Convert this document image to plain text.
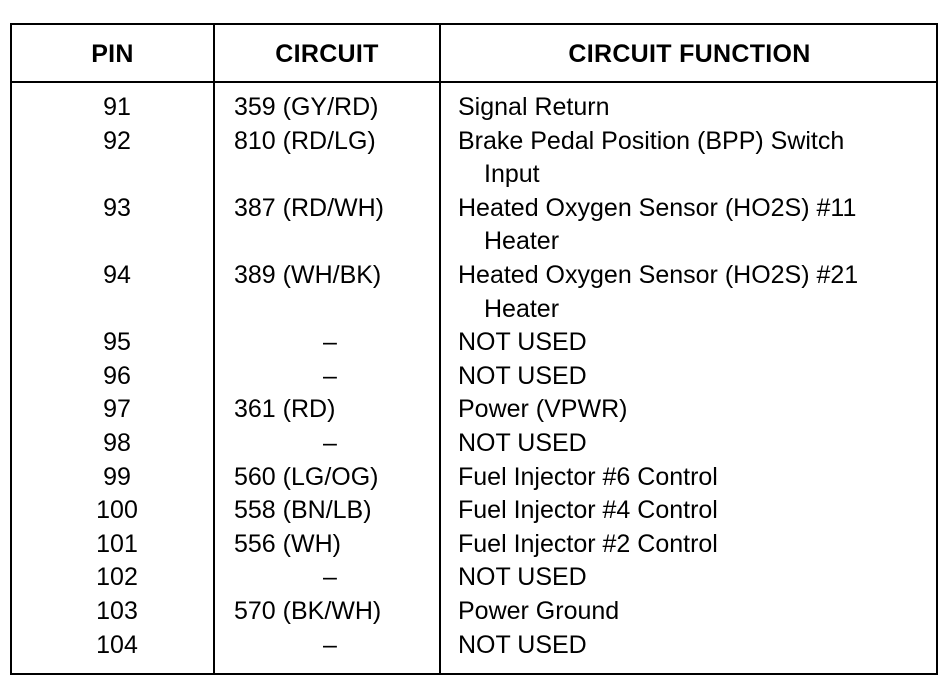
PIN	CIRCUIT	CIRCUIT FUNCTION
91	359 (GY/RD)	Signal Return
92	810 (RD/LG)	Brake Pedal Position (BPP) Switch
Input
93	387 (RD/WH)	Heated Oxygen Sensor (HO2S) #11
Heater
94	389 (WH/BK)	Heated Oxygen Sensor (HO2S) #21
Heater
95	–	NOT USED
96	–	NOT USED
97	361 (RD)	Power (VPWR)
98	–	NOT USED
99	560 (LG/OG)	Fuel Injector #6 Control
100	558 (BN/LB)	Fuel Injector #4 Control
101	556 (WH)	Fuel Injector #2 Control
102	–	NOT USED
103	570 (BK/WH)	Power Ground
104	–	NOT USED
